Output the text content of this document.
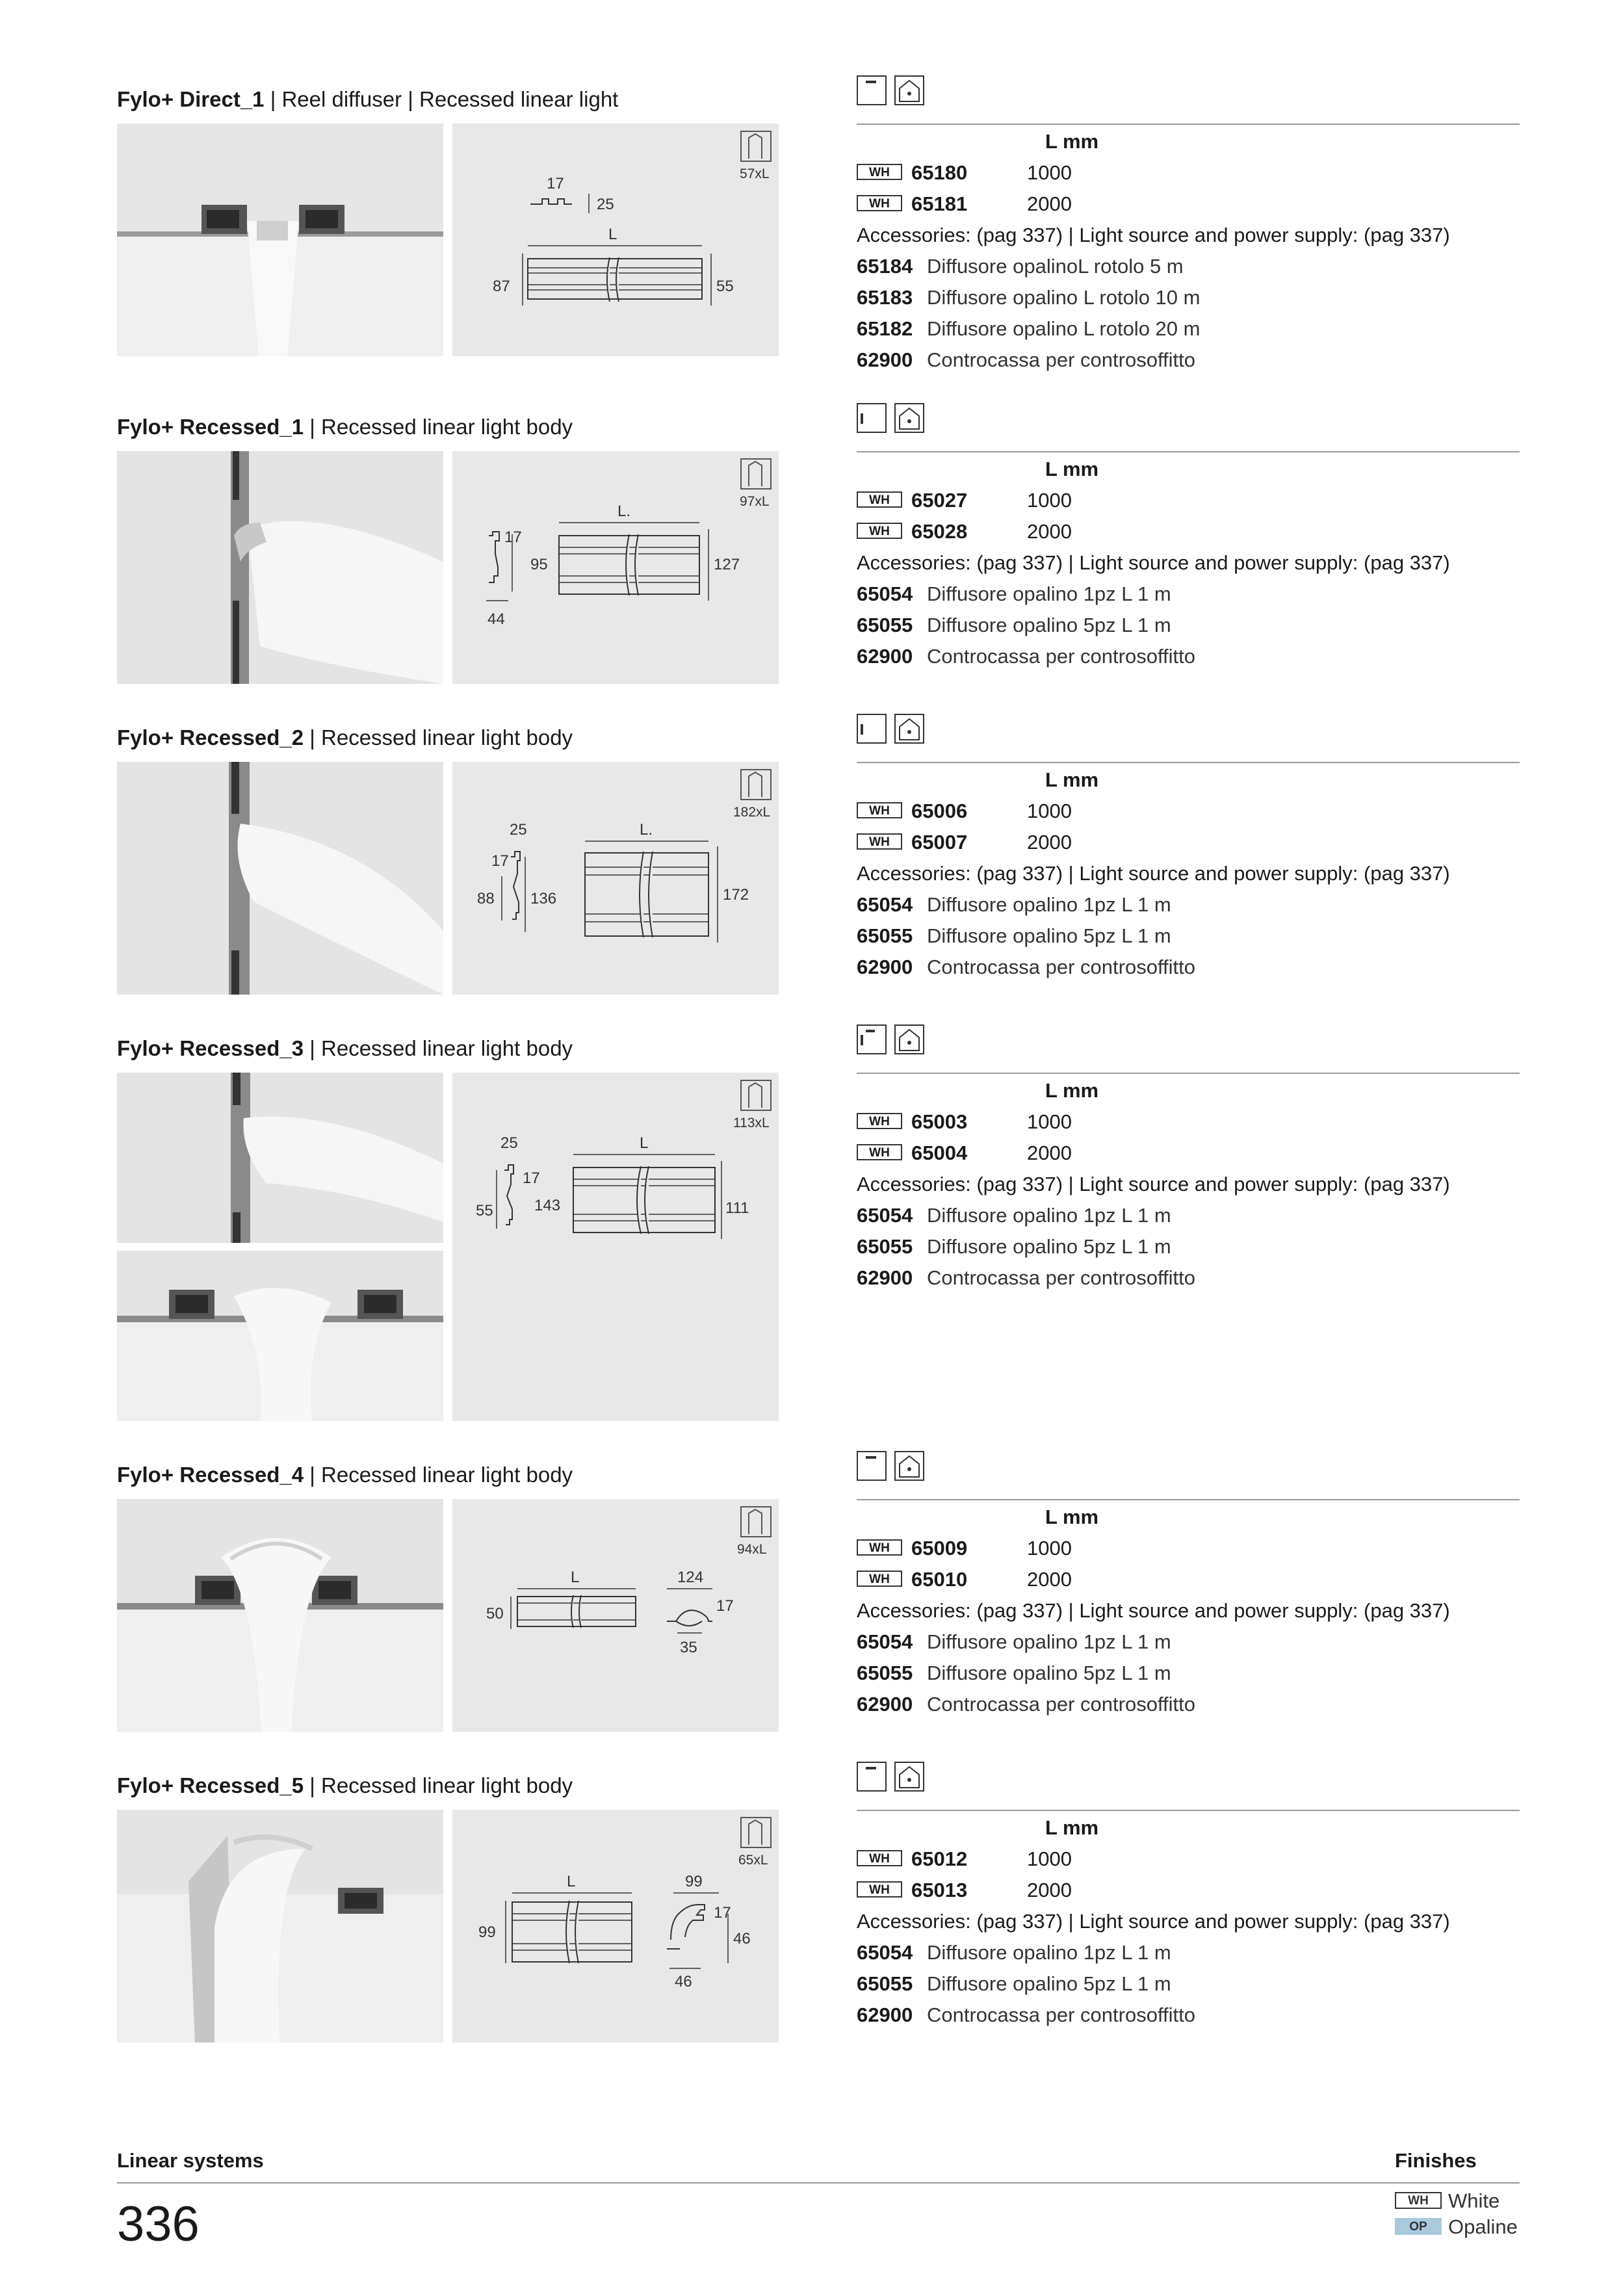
Fylo+ Direct_1 | Reel diffuser | Recessed linear light
57xL
17
25
L
87	55
L mm
WH 65180	1000
WH 65181	2000
Accessories: (pag 337) | Light source and power supply: (pag 337)
65184 Diffusore opalinoL rotolo 5 m
65183 Diffusore opalino L rotolo 10 m
65182 Diffusore opalino L rotolo 20 m
62900 Controcassa per controsoffitto
Fylo+ Recessed_1 | Recessed linear light body
97xL
L.
17
95	127
44
L mm
WH 65027	1000
WH 65028	2000
Accessories: (pag 337) | Light source and power supply: (pag 337)
65054 Diffusore opalino 1pz L 1 m
65055 Diffusore opalino 5pz L 1 m
62900 Controcassa per controsoffitto
Fylo+ Recessed_2 | Recessed linear light body
182xL
25	L.
17
88 136	172
L mm
WH 65006	1000
WH 65007	2000
Accessories: (pag 337) | Light source and power supply: (pag 337)
65054 Diffusore opalino 1pz L 1 m
65055 Diffusore opalino 5pz L 1 m
62900 Controcassa per controsoffitto
Fylo+ Recessed_3 | Recessed linear light body
113xL
25	L
17
55	143	111
L mm
WH 65003	1000
WH 65004	2000
Accessories: (pag 337) | Light source and power supply: (pag 337)
65054 Diffusore opalino 1pz L 1 m
65055 Diffusore opalino 5pz L 1 m
62900 Controcassa per controsoffitto
Fylo+ Recessed_4 | Recessed linear light body
94xL
L	124
50	17
35
L mm
WH 65009	1000
WH 65010	2000
Accessories: (pag 337) | Light source and power supply: (pag 337)
65054 Diffusore opalino 1pz L 1 m
65055 Diffusore opalino 5pz L 1 m
62900 Controcassa per controsoffitto
Fylo+ Recessed_5 | Recessed linear light body
65xL
L	99
99
17
46
46
L mm
WH 65012	1000
WH 65013	2000
Accessories: (pag 337) | Light source and power supply: (pag 337)
65054 Diffusore opalino 1pz L 1 m
65055 Diffusore opalino 5pz L 1 m
62900 Controcassa per controsoffitto
Linear systems	Finishes
336	WH White
OP Opaline
